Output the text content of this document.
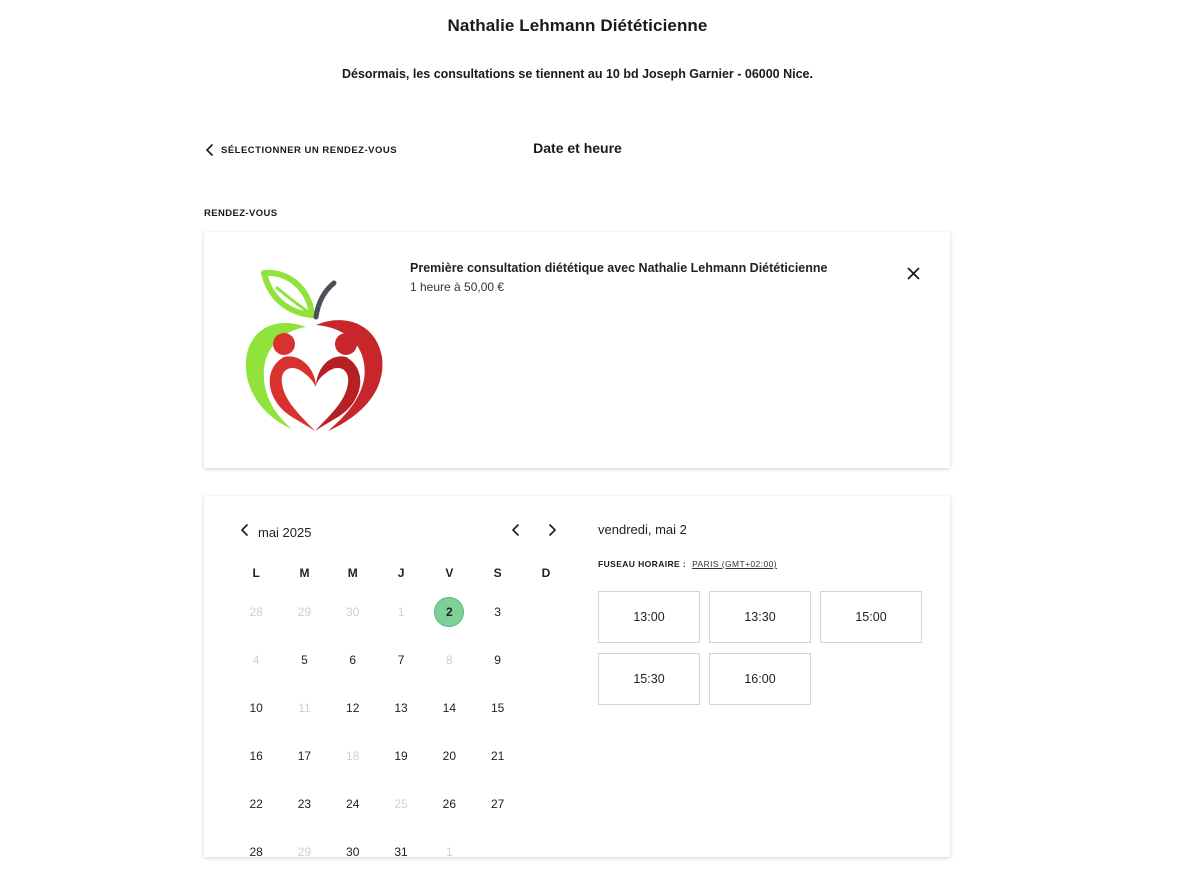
Nathalie Lehmann Diététicienne
Désormais, les consultations se tiennent au 10 bd Joseph Garnier - 06000 Nice.
SÉLECTIONNER UN RENDEZ-VOUS	Date et heure
RENDEZ-VOUS
Première consultation diététique avec Nathalie Lehmann Diététicienne
1 heure à 50,00 €
mai 2025
L	M	M	J	V	S	D
28	29	30	1	2	3
4	5	6	7	8	9
10	11	12	13	14	15
16	17	18	19	20	21
22	23	24	25	26	27
28	29	30	31	1
vendredi, mai 2
FUSEAU HORAIRE : PARIS (GMT+02:00)
13:00	13:30	15:00
15:30	16:00
